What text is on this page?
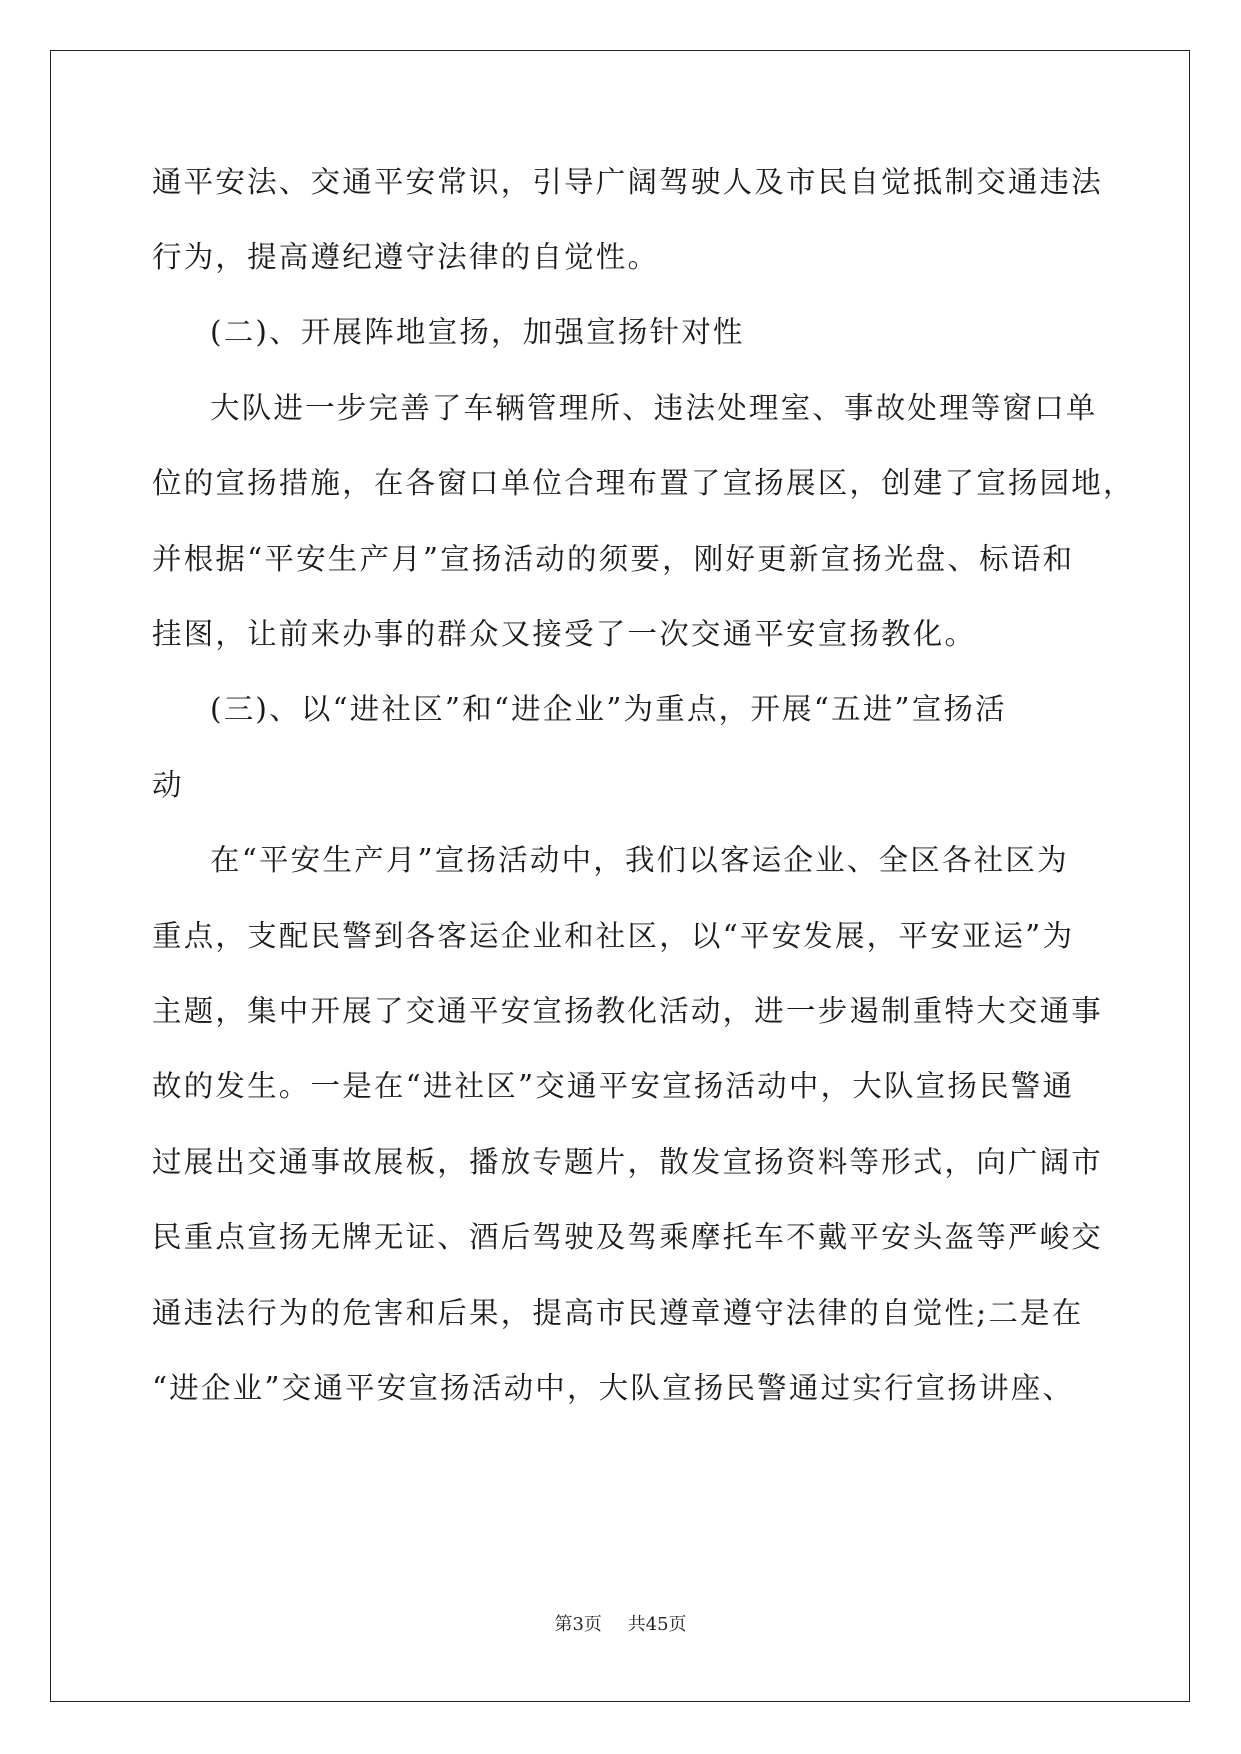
通平安法、交通平安常识，引导广阔驾驶人及市民自觉抵制交通违法
行为，提高遵纪遵守法律的自觉性。
(二)、开展阵地宣扬，加强宣扬针对性
大队进一步完善了车辆管理所、违法处理室、事故处理等窗口单
位的宣扬措施，在各窗口单位合理布置了宣扬展区，创建了宣扬园地，
并根据“平安生产月”宣扬活动的须要，刚好更新宣扬光盘、标语和
挂图，让前来办事的群众又接受了一次交通平安宣扬教化。
(三)、以“进社区”和“进企业”为重点，开展“五进”宣扬活
动
在“平安生产月”宣扬活动中，我们以客运企业、全区各社区为
重点，支配民警到各客运企业和社区，以“平安发展，平安亚运”为
主题，集中开展了交通平安宣扬教化活动，进一步遏制重特大交通事
故的发生。一是在“进社区”交通平安宣扬活动中，大队宣扬民警通
过展出交通事故展板，播放专题片，散发宣扬资料等形式，向广阔市
民重点宣扬无牌无证、酒后驾驶及驾乘摩托车不戴平安头盔等严峻交
通违法行为的危害和后果，提高市民遵章遵守法律的自觉性;二是在
“进企业”交通平安宣扬活动中，大队宣扬民警通过实行宣扬讲座、
第3页 共45页
